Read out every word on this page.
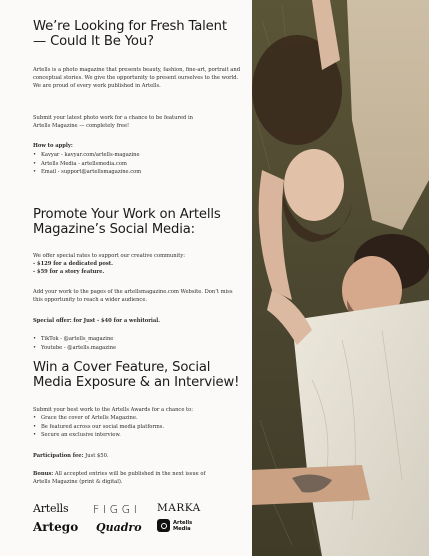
We’re Looking for Fresh Talent — Could It Be You?
Artells is a photo magazine that presents beauty, fashion, fine-art, portrait and conceptual stories. We give the opportunity to present ourselves to the world. We are proud of every work published in Artells.
Submit your latest photo work for a chance to be featured in Artells Magazine — completely free!
How to apply:
• Kavyar - kavyar.com/artells-magazine
• Artells Media - artellsmedia.com
• Email - support@artellsmagazine.com
Promote Your Work on Artells Magazine’s Social Media:
We offer special rates to support our creative community:
- $129 for a dedicated post.
- $59 for a story feature.
Add your work to the pages of the artellsmagazine.com Website. Don’t miss this opportunity to reach a wider audience.
Special offer: for Just - $40 for a webitorial.
• TikTok - @artells_magazine
• Youtube - @artells.magazine
Win a Cover Feature, Social Media Exposure & an Interview!
Submit your best work to the Artells Awards for a chance to:
• Grace the cover of Artells Magazine.
• Be featured across our social media platforms.
• Secure an exclusive interview.
Participation fee: Just $50.
Bonus: All accepted entries will be published in the next issue of Artells Magazine (print & digital).
Artells FIGGI MARKA
Artego Quadro	Artells
Media
